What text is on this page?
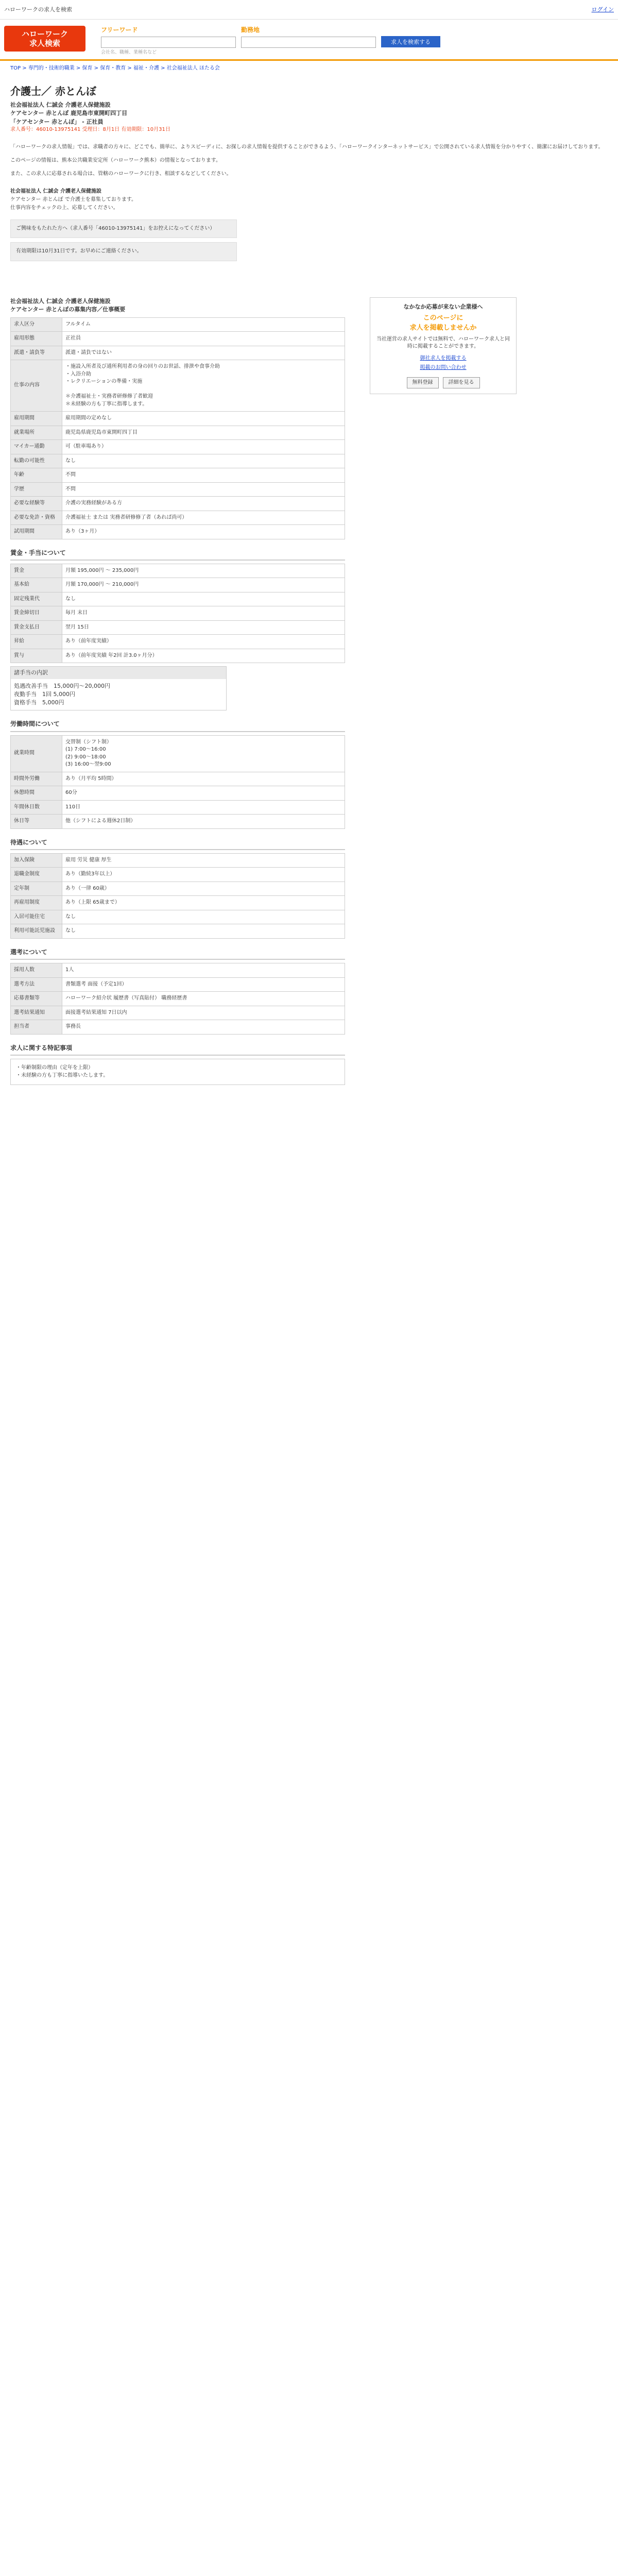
ハローワークの求人を検索	ログイン
ハローワーク
求人検索
フリーワード
会社名、職種、業種名など
勤務地
求人を検索する
TOP > 専門的・技術的職業 > 保育 > 保育・教育 > 福祉・介護 > 社会福祉法人 ほたる会
介護士／ 赤とんぼ
社会福祉法人 仁誠会 介護老人保健施設
ケアセンター 赤とんぼ 鹿児島市東開町四丁目
「ケアセンター 赤とんぼ」 ‐ 正社員
求人番号：46010-13975141 受理日：8月1日 有効期限：10月31日

「ハローワークの求人情報」では、求職者の方々に、どこでも、簡単に、よりスピーディに、お探しの求人情報を提供することができるよう、「ハローワークインターネットサービス」で公開されている求人情報を分かりやすく、簡潔にお届けしております。

このページの情報は、熊本公共職業安定所（ハローワーク熊本）の情報となっております。

また、この求人に応募される場合は、管轄のハローワークに行き、相談するなどしてください。

社会福祉法人 仁誠会 介護老人保健施設

ケアセンター 赤とんぼ で介護士を募集しております。

仕事内容をチェックの上、応募してください。

ご興味をもたれた方へ（求人番号「46010-13975141」をお控えになってください）
有効期限は10月31日です。お早めにご連絡ください。
社会福祉法人 仁誠会 介護老人保健施設
ケアセンター 赤とんぼの募集内容／仕事概要
求人区分	フルタイム
雇用形態	正社員
派遣・請負等	派遣・請負ではない
仕事の内容	・施設入所者及び通所利用者の身の回りのお世話、排泄や食事介助
・入浴介助
・レクリエーションの準備・実施

＊介護福祉士・実務者研修修了者歓迎
＊未経験の方も丁寧に指導します。
雇用期間	雇用期間の定めなし
就業場所	鹿児島県鹿児島市東開町四丁目
マイカー通勤	可（駐車場あり）
転勤の可能性	なし
年齢	不問
学歴	不問
必要な経験等	介護の実務経験がある方
必要な免許・資格	介護福祉士 または 実務者研修修了者（あれば尚可）
試用期間	あり（3ヶ月）
賃金・手当について
賃金	月額 195,000円 〜 235,000円
基本給	月額 170,000円 〜 210,000円
固定残業代	なし
賃金締切日	毎月 末日
賃金支払日	翌月 15日
昇給	あり（前年度実績）
賞与	あり（前年度実績 年2回 計3.0ヶ月分）
諸手当の内訳
処遇改善手当　15,000円〜20,000円
夜勤手当　1回 5,000円
資格手当　5,000円
労働時間について
就業時間	交替制（シフト制）
(1) 7:00〜16:00
(2) 9:00〜18:00
(3) 16:00〜翌9:00
時間外労働	あり（月平均 5時間）
休憩時間	60分
年間休日数	110日
休日等	他（シフトによる週休2日制）
待遇について
加入保険	雇用 労災 健康 厚生
退職金制度	あり（勤続3年以上）
定年制	あり（一律 60歳）
再雇用制度	あり（上限 65歳まで）
入居可能住宅	なし
利用可能託児施設	なし
選考について
採用人数	1人
選考方法	書類選考 面接（予定1回）
応募書類等	ハローワーク紹介状 履歴書（写真貼付） 職務経歴書
選考結果通知	面接選考結果通知 7日以内
担当者	事務長
求人に関する特記事項
・年齢制限の理由（定年を上限）
・未経験の方も丁寧に指導いたします。
なかなか応募が来ない企業様へ
このページに
求人を掲載しませんか
当社運営の求人サイトでは無料で、ハローワーク求人と同時に掲載することができます。
御社求人を掲載する
掲載のお問い合わせ
無料登録	詳細を見る
